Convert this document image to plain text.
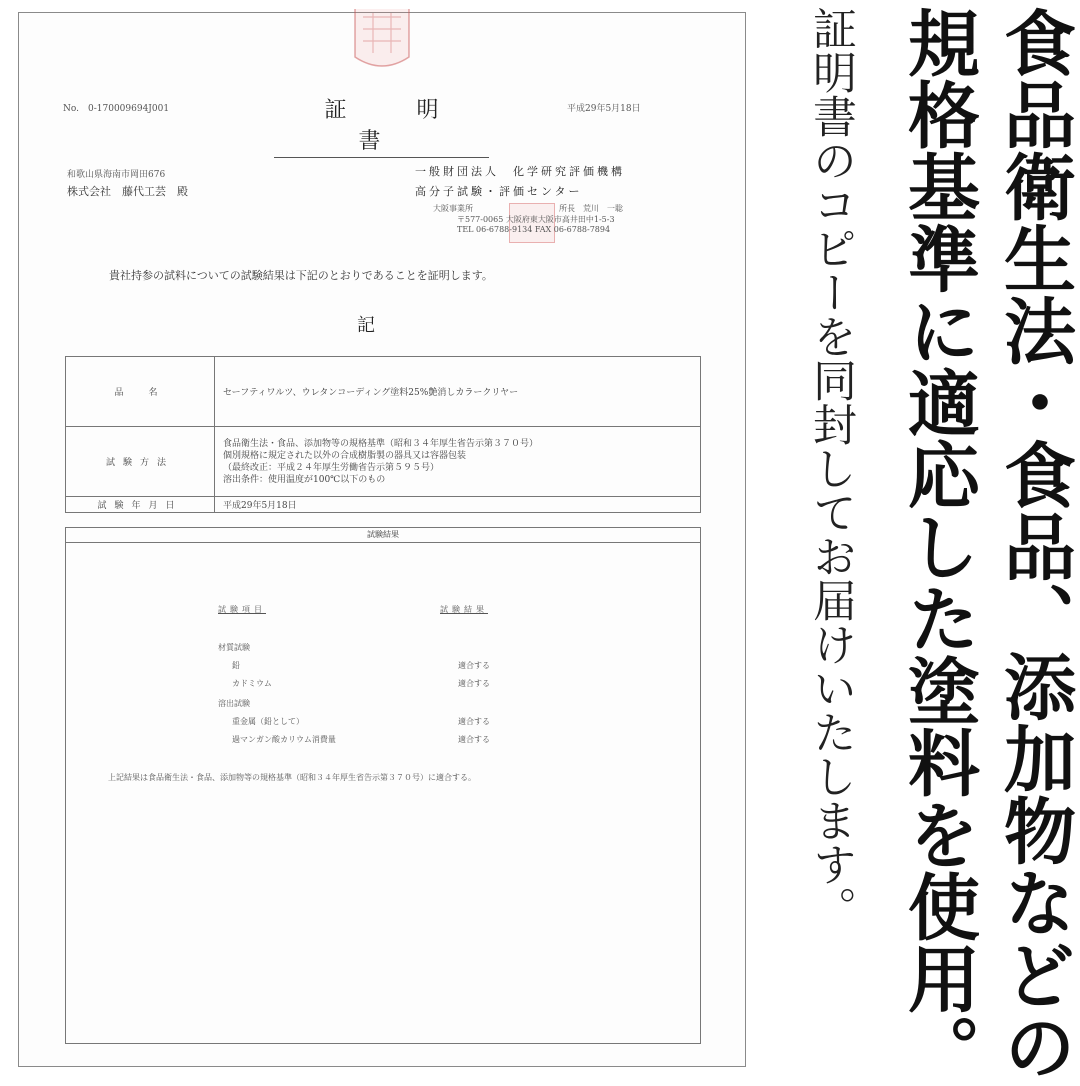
No.　0-170009694J001	証　明　書
平成29年5月18日
和歌山県海南市岡田676
株式会社　藤代工芸　殿
一般財団法人　化学研究評価機構
高分子試験・評価センター
大阪事業所	所長　荒川　一聡
〒577-0065 大阪府東大阪市高井田中1-5-3
TEL 06-6788-9134 FAX 06-6788-7894
貴社持参の試料についての試験結果は下記のとおりであることを証明します。
記
品　名	セーフティワルツ、ウレタンコーディング塗料25%艶消しカラークリヤー
試験方法	食品衛生法・食品、添加物等の規格基準（昭和３４年厚生省告示第３７０号）
個別規格に規定された以外の合成樹脂製の器具又は容器包装
（最終改正：平成２４年厚生労働省告示第５９５号）
溶出条件：使用温度が100℃以下のもの

試験年月日	平成29年5月18日
試験結果
試験項目	試験結果
材質試験
鉛	適合する
カドミウム	適合する
溶出試験
重金属（鉛として）	適合する
過マンガン酸カリウム消費量	適合する
上記結果は食品衛生法・食品、添加物等の規格基準（昭和３４年厚生省告示第３７０号）に適合する。
食品衛生法・食品、
添加物などの
規格基準に適応した塗料を使用。
証明書のコピーを同封してお届けいたします。
